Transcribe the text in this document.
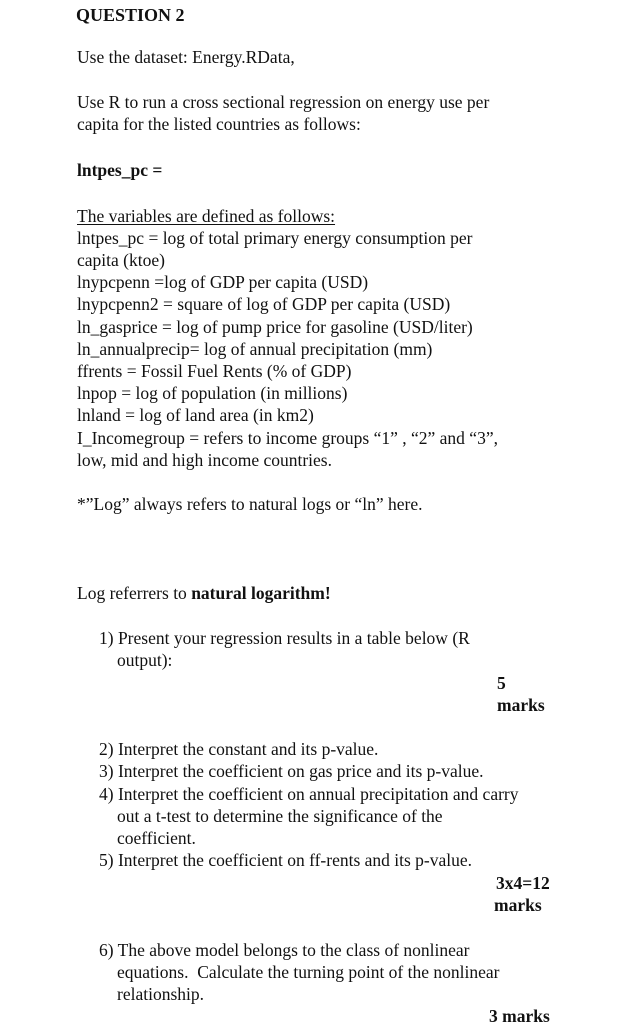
QUESTION 2
Use the dataset: Energy.RData,
Use R to run a cross sectional regression on energy use per
capita for the listed countries as follows:
lntpes_pc =
The variables are defined as follows:
lntpes_pc = log of total primary energy consumption per
capita (ktoe)
lnypcpenn =log of GDP per capita (USD)
lnypcpenn2 = square of log of GDP per capita (USD)
ln_gasprice = log of pump price for gasoline (USD/liter)
ln_annualprecip= log of annual precipitation (mm)
ffrents = Fossil Fuel Rents (% of GDP)
lnpop = log of population (in millions)
lnland = log of land area (in km2)
I_Incomegroup = refers to income groups “1” , “2” and “3”,
low, mid and high income countries.
*”Log” always refers to natural logs or “ln” here.
Log referrers to natural logarithm!
1) Present your regression results in a table below (R
output):
5
marks
2) Interpret the constant and its p-value.
3) Interpret the coefficient on gas price and its p-value.
4) Interpret the coefficient on annual precipitation and carry
out a t-test to determine the significance of the
coefficient.
5) Interpret the coefficient on ff-rents and its p-value.
3x4=12
marks
6) The above model belongs to the class of nonlinear
equations.  Calculate the turning point of the nonlinear
relationship.
3 marks
